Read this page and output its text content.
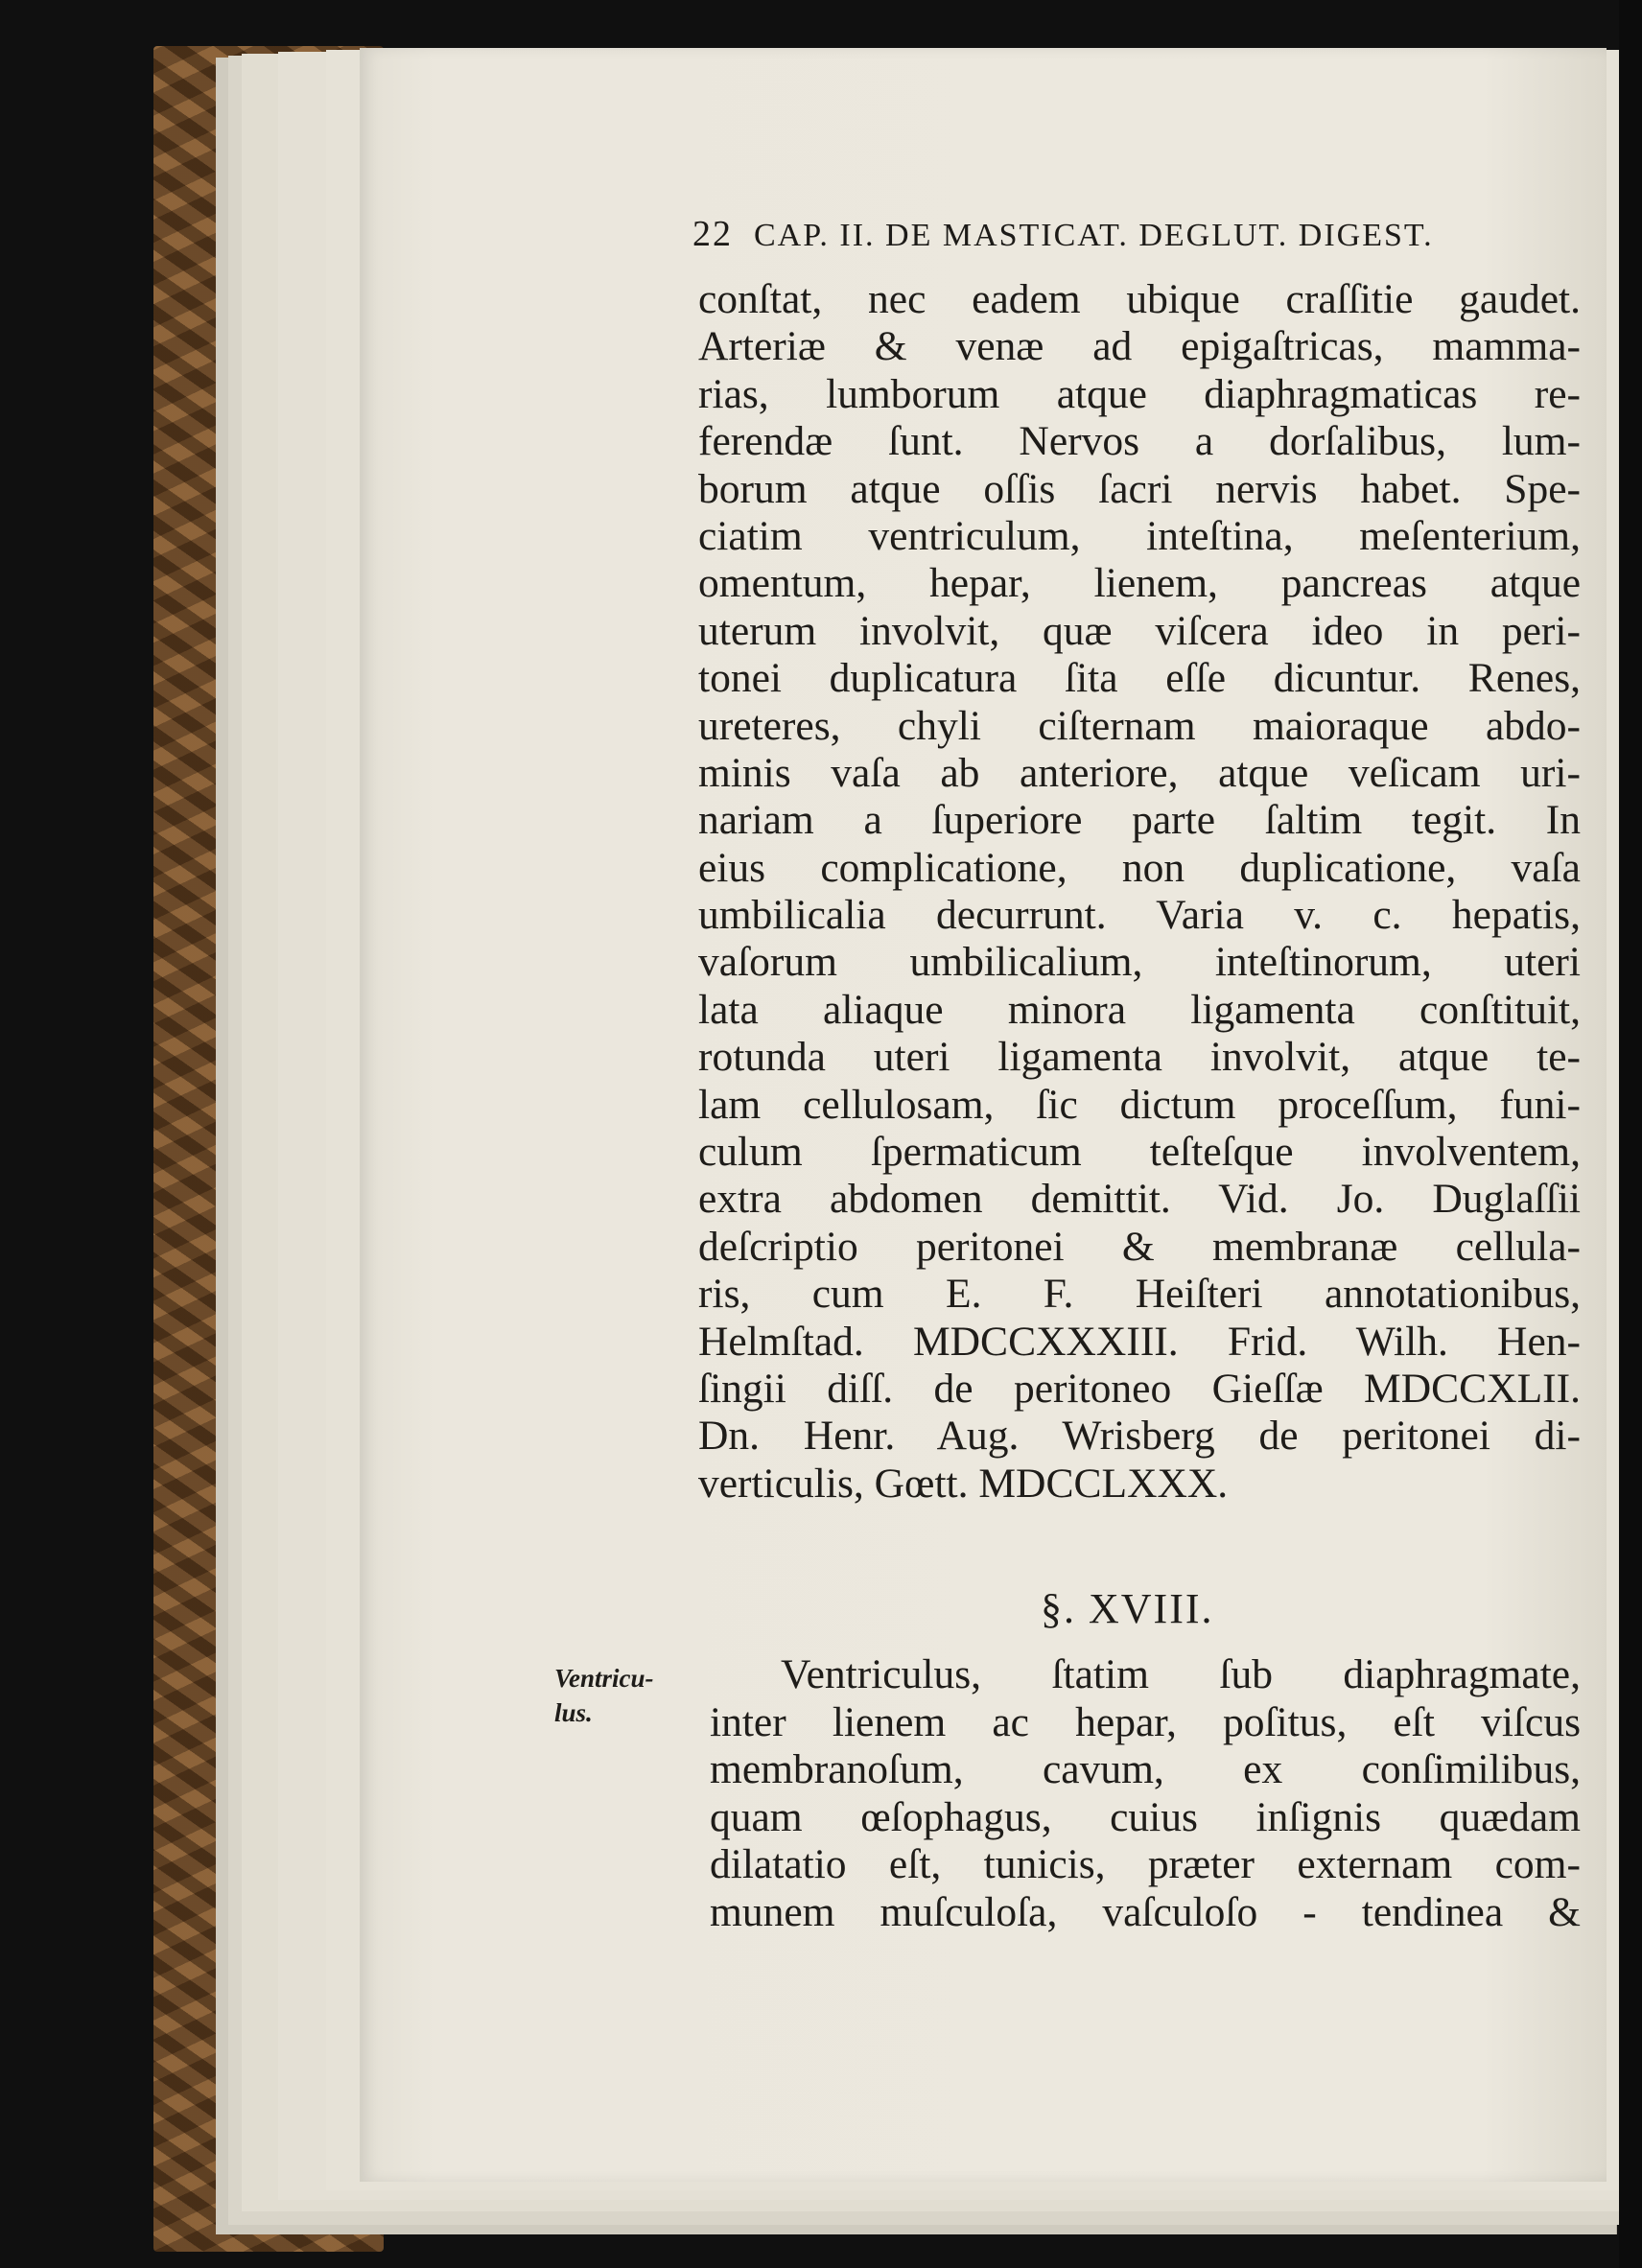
22 CAP. II. DE MASTICAT. DEGLUT. DIGEST.
conſtat, nec eadem ubique craſſitie gaudet.
Arteriæ & venæ ad epigaſtricas, mamma-
rias, lumborum atque diaphragmaticas re-
ferendæ ſunt. Nervos a dorſalibus, lum-
borum atque oſſis ſacri nervis habet. Spe-
ciatim ventriculum, inteſtina, meſenterium,
omentum, hepar, lienem, pancreas atque
uterum involvit, quæ viſcera ideo in peri-
tonei duplicatura ſita eſſe dicuntur. Renes,
ureteres, chyli ciſternam maioraque abdo-
minis vaſa ab anteriore, atque veſicam uri-
nariam a ſuperiore parte ſaltim tegit. In
eius complicatione, non duplicatione, vaſa
umbilicalia decurrunt. Varia v. c. hepatis,
vaſorum umbilicalium, inteſtinorum, uteri
lata aliaque minora ligamenta conſtituit,
rotunda uteri ligamenta involvit, atque te-
lam cellulosam, ſic dictum proceſſum, funi-
culum ſpermaticum teſteſque involventem,
extra abdomen demittit. Vid. Jo. Duglaſſii
deſcriptio peritonei & membranæ cellula-
ris, cum E. F. Heiſteri annotationibus,
Helmſtad. MDCCXXXIII. Frid. Wilh. Hen-
ſingii diſſ. de peritoneo Gieſſæ MDCCXLII.
Dn. Henr. Aug. Wrisberg de peritonei di-
verticulis, Gœtt. MDCCLXXX.
§. XVIII.
Ventricu-
lus.
Ventriculus, ſtatim ſub diaphragmate,
inter lienem ac hepar, poſitus, eſt viſcus
membranoſum, cavum, ex conſimilibus,
quam œſophagus, cuius inſignis quædam
dilatatio eſt, tunicis, præter externam com-
munem muſculoſa, vaſculoſo - tendinea &
